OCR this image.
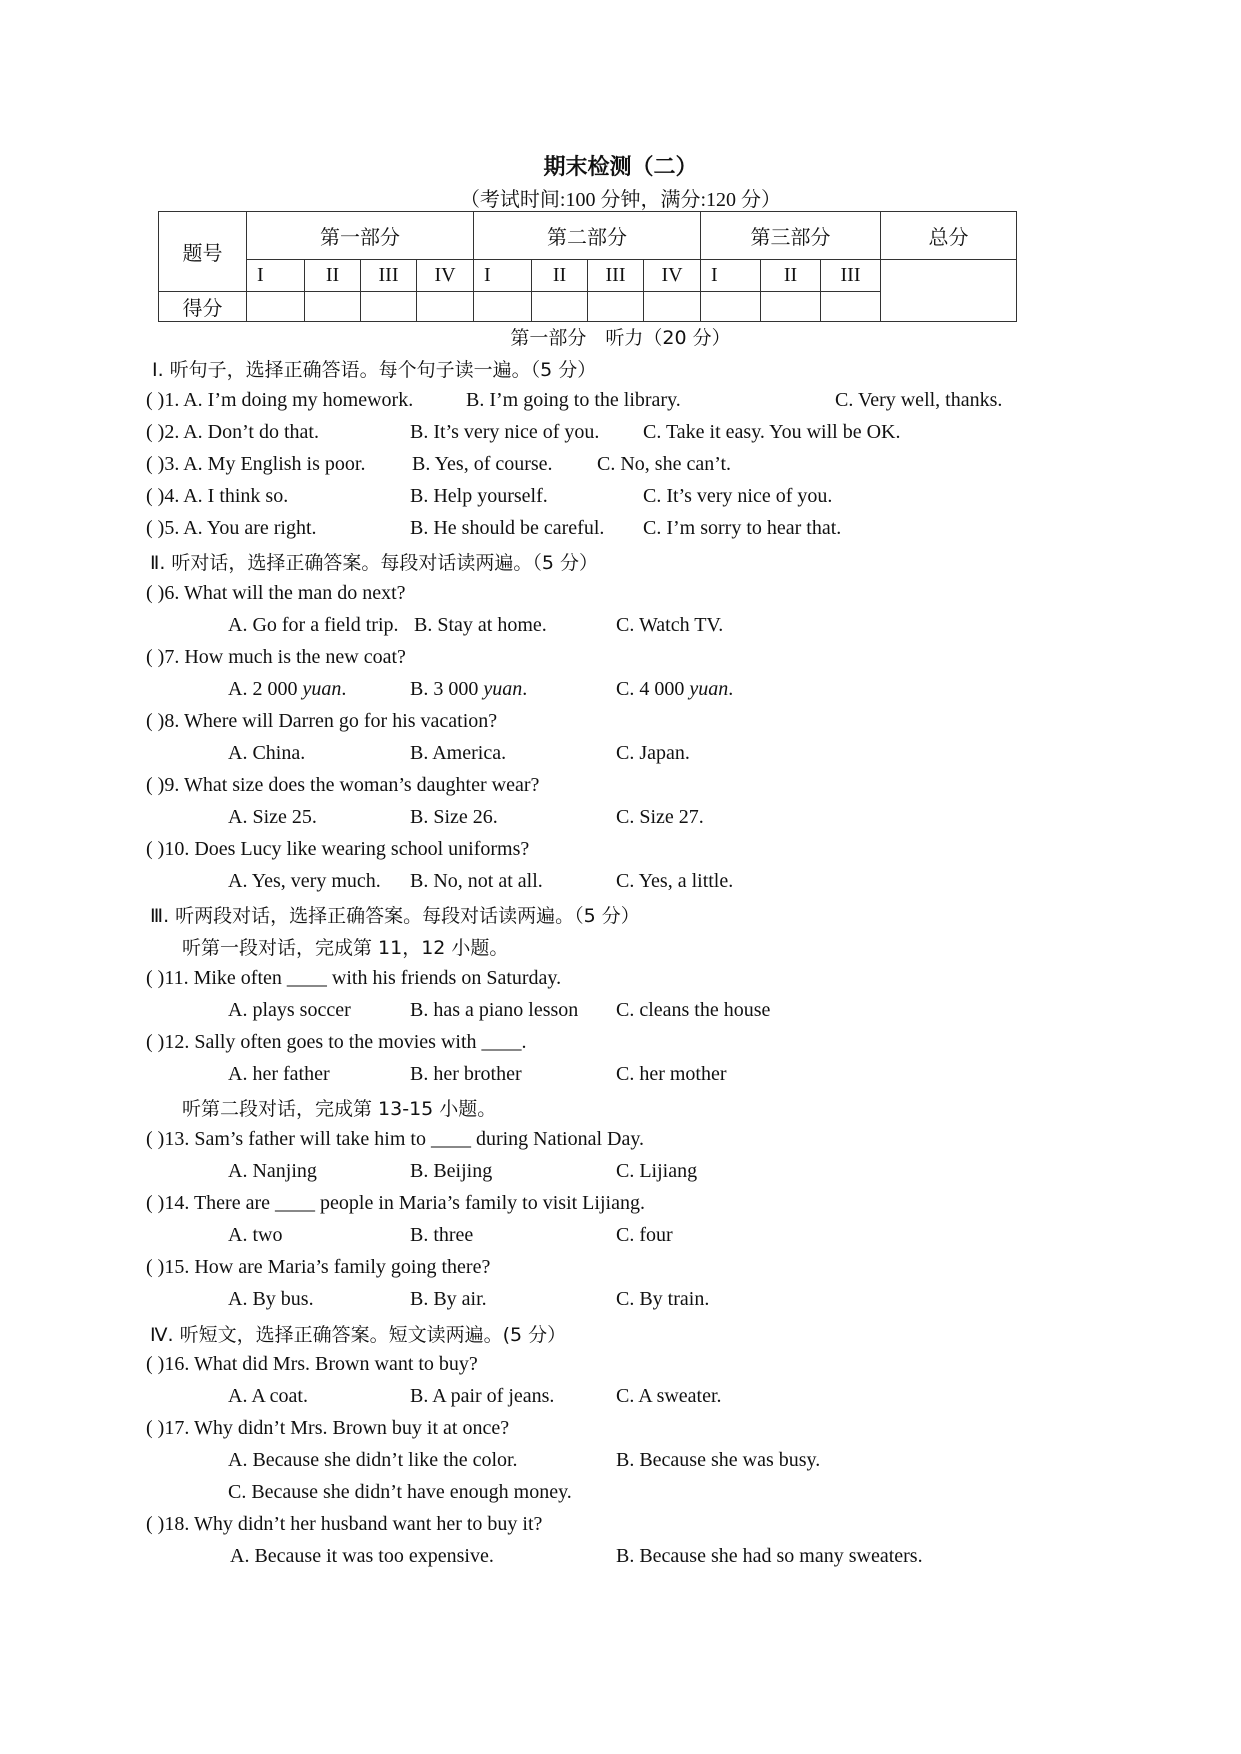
期末检测（二）
（考试时间:100 分钟，满分:120 分）
题号	第一部分				第二部分				第三部分			总分
	I	II	III	IV	I	II	III	IV	I	II	III	
得分												
第一部分　听力（20 分）
Ⅰ. 听句子，选择正确答语。每个句子读一遍。（5 分）
( )1. A. I’m doing my homework.	B. I’m going to the library.	C. Very well, thanks.
( )2. A. Don’t do that.	B. It’s very nice of you. C. Take it easy. You will be OK.
( )3. A. My English is poor. B. Yes, of course. C. No, she can’t.
( )4. A. I think so.	B. Help yourself.	C. It’s very nice of you.
( )5. A. You are right.	B. He should be careful. C. I’m sorry to hear that.
Ⅱ. 听对话，选择正确答案。每段对话读两遍。（5 分）
( )6. What will the man do next?
A. Go for a field trip. B. Stay at home.	C. Watch TV.
( )7. How much is the new coat?
A. 2 000 yuan.	B. 3 000 yuan.	C. 4 000 yuan.
( )8. Where will Darren go for his vacation?
A. China.	B. America.	C. Japan.
( )9. What size does the woman’s daughter wear?
A. Size 25.	B. Size 26.	C. Size 27.
( )10. Does Lucy like wearing school uniforms?
A. Yes, very much. B. No, not at all.	C. Yes, a little.
Ⅲ. 听两段对话，选择正确答案。每段对话读两遍。（5 分）
听第一段对话，完成第 11，12 小题。
( )11. Mike often ____ with his friends on Saturday.
A. plays soccer	B. has a piano lesson C. cleans the house
( )12. Sally often goes to the movies with ____.
A. her father	B. her brother	C. her mother
听第二段对话，完成第 13-15 小题。
( )13. Sam’s father will take him to ____ during National Day.
A. Nanjing	B. Beijing	C. Lijiang
( )14. There are ____ people in Maria’s family to visit Lijiang.
A. two	B. three	C. four
( )15. How are Maria’s family going there?
A. By bus.	B. By air.	C. By train.
Ⅳ. 听短文，选择正确答案。短文读两遍。(5 分）
( )16. What did Mrs. Brown want to buy?
A. A coat.	B. A pair of jeans.	C. A sweater.
( )17. Why didn’t Mrs. Brown buy it at once?
A. Because she didn’t like the color.	B. Because she was busy.
C. Because she didn’t have enough money.
( )18. Why didn’t her husband want her to buy it?
A. Because it was too expensive.	B. Because she had so many sweaters.
